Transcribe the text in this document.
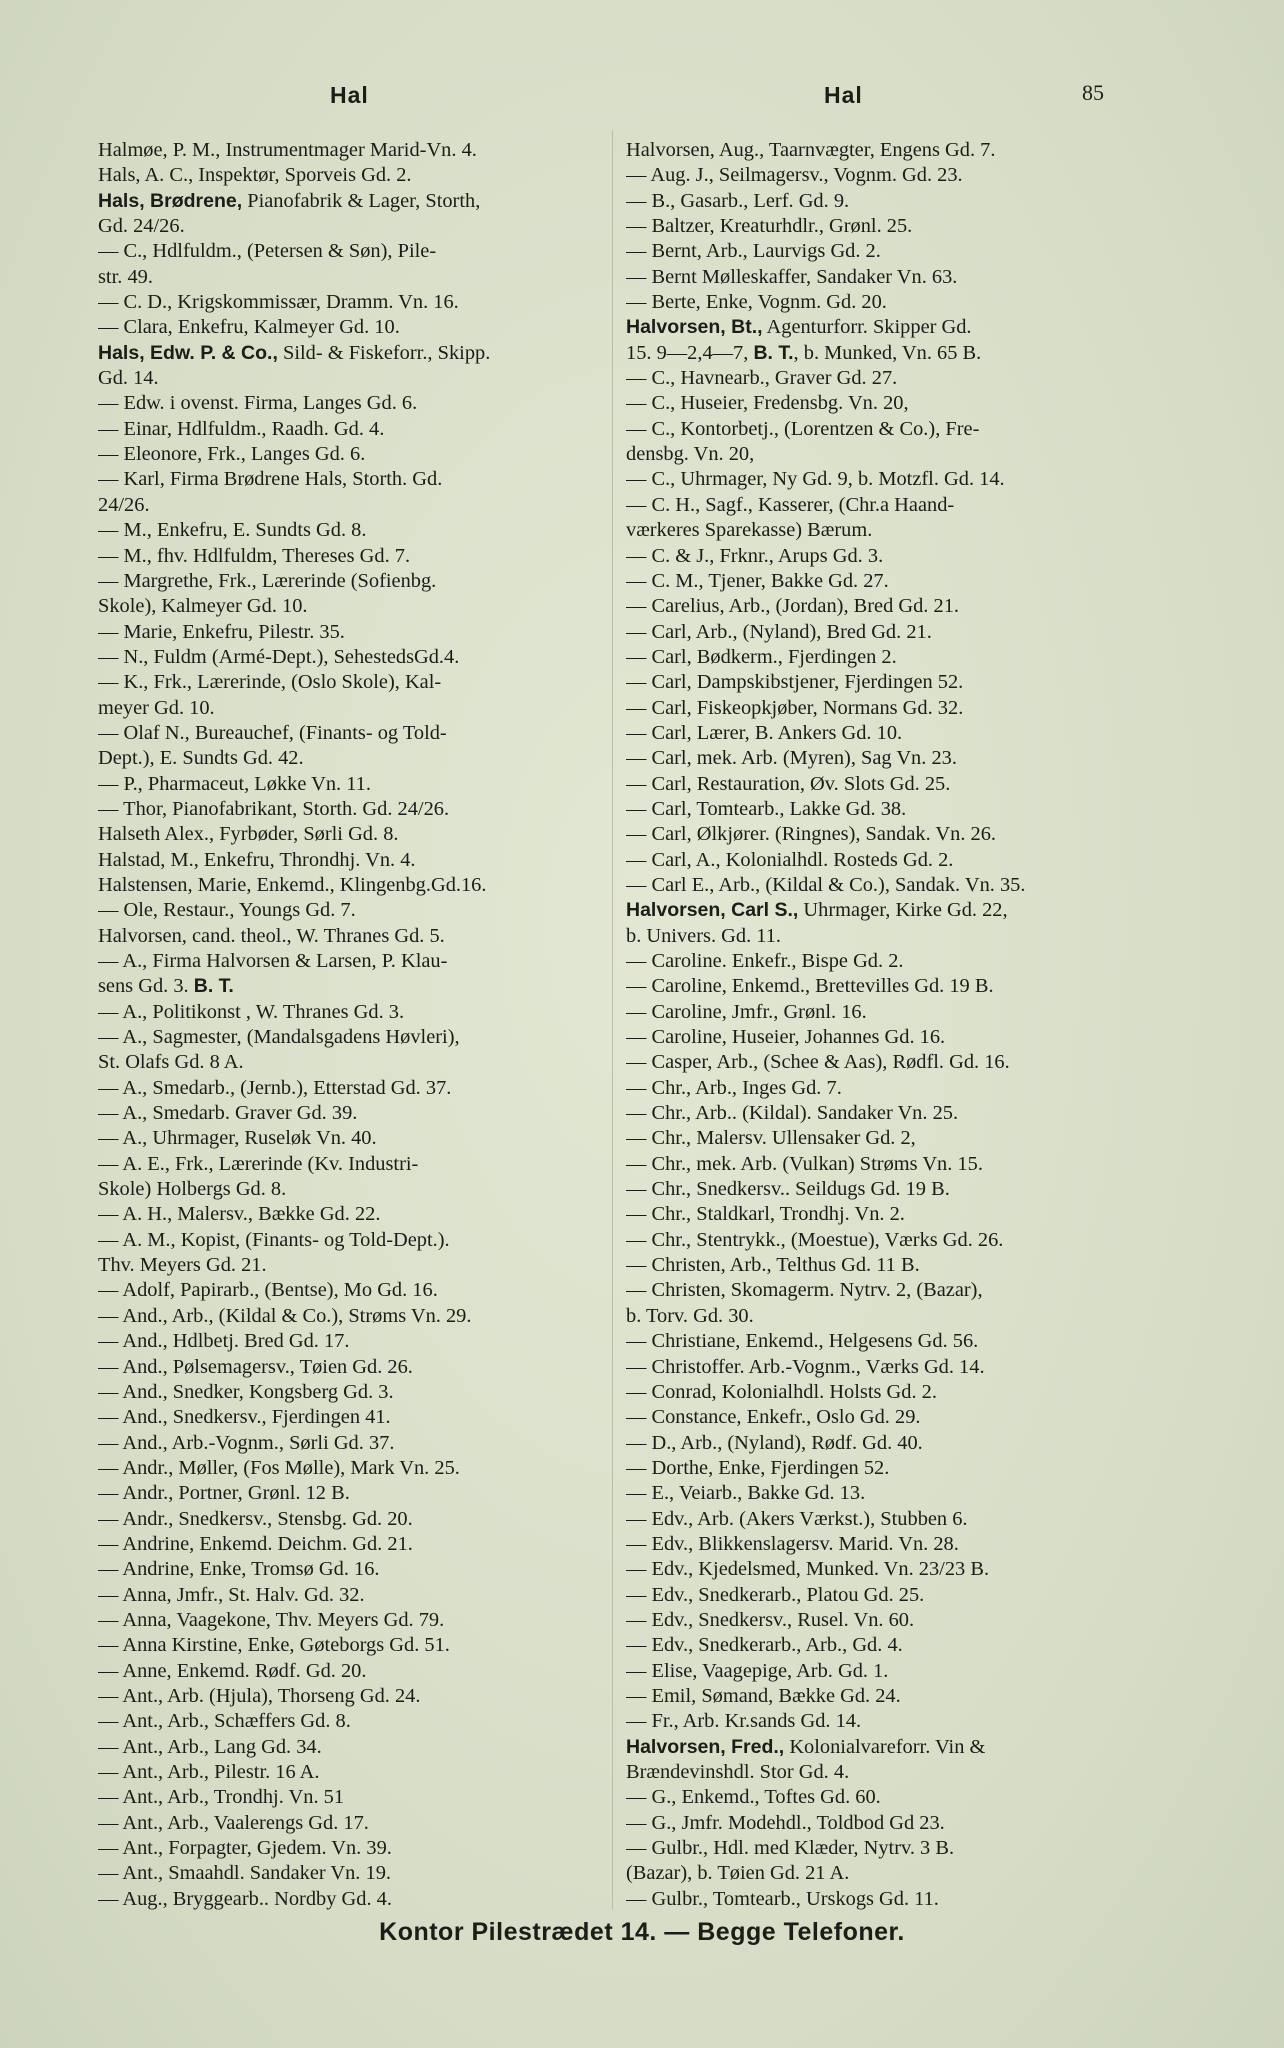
Hal	Hal	85
Halmøe, P. M., Instrumentmager Marid-Vn. 4.
Hals, A. C., Inspektør, Sporveis Gd. 2.
Hals, Brødrene, Pianofabrik & Lager, Storth,
Gd. 24/26.
— C., Hdlfuldm., (Petersen & Søn), Pile-
str. 49.
— C. D., Krigskommissær, Dramm. Vn. 16.
— Clara, Enkefru, Kalmeyer Gd. 10.
Hals, Edw. P. & Co., Sild- & Fiskeforr., Skipp.
Gd. 14.
— Edw. i ovenst. Firma, Langes Gd. 6.
— Einar, Hdlfuldm., Raadh. Gd. 4.
— Eleonore, Frk., Langes Gd. 6.
— Karl, Firma Brødrene Hals, Storth. Gd.
24/26.
— M., Enkefru, E. Sundts Gd. 8.
— M., fhv. Hdlfuldm, Thereses Gd. 7.
— Margrethe, Frk., Lærerinde (Sofienbg.
Skole), Kalmeyer Gd. 10.
— Marie, Enkefru, Pilestr. 35.
— N., Fuldm (Armé-Dept.), SehestedsGd.4.
— K., Frk., Lærerinde, (Oslo Skole), Kal-
meyer Gd. 10.
— Olaf N., Bureauchef, (Finants- og Told-
Dept.), E. Sundts Gd. 42.
— P., Pharmaceut, Løkke Vn. 11.
— Thor, Pianofabrikant, Storth. Gd. 24/26.
Halseth Alex., Fyrbøder, Sørli Gd. 8.
Halstad, M., Enkefru, Throndhj. Vn. 4.
Halstensen, Marie, Enkemd., Klingenbg.Gd.16.
— Ole, Restaur., Youngs Gd. 7.
Halvorsen, cand. theol., W. Thranes Gd. 5.
— A., Firma Halvorsen & Larsen, P. Klau-
sens Gd. 3. B. T.
— A., Politikonst , W. Thranes Gd. 3.
— A., Sagmester, (Mandalsgadens Høvleri),
St. Olafs Gd. 8 A.
— A., Smedarb., (Jernb.), Etterstad Gd. 37.
— A., Smedarb. Graver Gd. 39.
— A., Uhrmager, Ruseløk Vn. 40.
— A. E., Frk., Lærerinde (Kv. Industri-
Skole) Holbergs Gd. 8.
— A. H., Malersv., Bække Gd. 22.
— A. M., Kopist, (Finants- og Told-Dept.).
Thv. Meyers Gd. 21.
— Adolf, Papirarb., (Bentse), Mo Gd. 16.
— And., Arb., (Kildal & Co.), Strøms Vn. 29.
— And., Hdlbetj. Bred Gd. 17.
— And., Pølsemagersv., Tøien Gd. 26.
— And., Snedker, Kongsberg Gd. 3.
— And., Snedkersv., Fjerdingen 41.
— And., Arb.-Vognm., Sørli Gd. 37.
— Andr., Møller, (Fos Mølle), Mark Vn. 25.
— Andr., Portner, Grønl. 12 B.
— Andr., Snedkersv., Stensbg. Gd. 20.
— Andrine, Enkemd. Deichm. Gd. 21.
— Andrine, Enke, Tromsø Gd. 16.
— Anna, Jmfr., St. Halv. Gd. 32.
— Anna, Vaagekone, Thv. Meyers Gd. 79.
— Anna Kirstine, Enke, Gøteborgs Gd. 51.
— Anne, Enkemd. Rødf. Gd. 20.
— Ant., Arb. (Hjula), Thorseng Gd. 24.
— Ant., Arb., Schæffers Gd. 8.
— Ant., Arb., Lang Gd. 34.
— Ant., Arb., Pilestr. 16 A.
— Ant., Arb., Trondhj. Vn. 51
— Ant., Arb., Vaalerengs Gd. 17.
— Ant., Forpagter, Gjedem. Vn. 39.
— Ant., Smaahdl. Sandaker Vn. 19.
— Aug., Bryggearb.. Nordby Gd. 4.
Halvorsen, Aug., Taarnvægter, Engens Gd. 7.
— Aug. J., Seilmagersv., Vognm. Gd. 23.
— B., Gasarb., Lerf. Gd. 9.
— Baltzer, Kreaturhdlr., Grønl. 25.
— Bernt, Arb., Laurvigs Gd. 2.
— Bernt Mølleskaffer, Sandaker Vn. 63.
— Berte, Enke, Vognm. Gd. 20.
Halvorsen, Bt., Agenturforr. Skipper Gd.
15. 9—2,4—7, B. T., b. Munked, Vn. 65 B.
— C., Havnearb., Graver Gd. 27.
— C., Huseier, Fredensbg. Vn. 20,
— C., Kontorbetj., (Lorentzen & Co.), Fre-
densbg. Vn. 20,
— C., Uhrmager, Ny Gd. 9, b. Motzfl. Gd. 14.
— C. H., Sagf., Kasserer, (Chr.a Haand-
værkeres Sparekasse) Bærum.
— C. & J., Frknr., Arups Gd. 3.
— C. M., Tjener, Bakke Gd. 27.
— Carelius, Arb., (Jordan), Bred Gd. 21.
— Carl, Arb., (Nyland), Bred Gd. 21.
— Carl, Bødkerm., Fjerdingen 2.
— Carl, Dampskibstjener, Fjerdingen 52.
— Carl, Fiskeopkjøber, Normans Gd. 32.
— Carl, Lærer, B. Ankers Gd. 10.
— Carl, mek. Arb. (Myren), Sag Vn. 23.
— Carl, Restauration, Øv. Slots Gd. 25.
— Carl, Tomtearb., Lakke Gd. 38.
— Carl, Ølkjører. (Ringnes), Sandak. Vn. 26.
— Carl, A., Kolonialhdl. Rosteds Gd. 2.
— Carl E., Arb., (Kildal & Co.), Sandak. Vn. 35.
Halvorsen, Carl S., Uhrmager, Kirke Gd. 22,
b. Univers. Gd. 11.
— Caroline. Enkefr., Bispe Gd. 2.
— Caroline, Enkemd., Brettevilles Gd. 19 B.
— Caroline, Jmfr., Grønl. 16.
— Caroline, Huseier, Johannes Gd. 16.
— Casper, Arb., (Schee & Aas), Rødfl. Gd. 16.
— Chr., Arb., Inges Gd. 7.
— Chr., Arb.. (Kildal). Sandaker Vn. 25.
— Chr., Malersv. Ullensaker Gd. 2,
— Chr., mek. Arb. (Vulkan) Strøms Vn. 15.
— Chr., Snedkersv.. Seildugs Gd. 19 B.
— Chr., Staldkarl, Trondhj. Vn. 2.
— Chr., Stentrykk., (Moestue), Værks Gd. 26.
— Christen, Arb., Telthus Gd. 11 B.
— Christen, Skomagerm. Nytrv. 2, (Bazar),
b. Torv. Gd. 30.
— Christiane, Enkemd., Helgesens Gd. 56.
— Christoffer. Arb.-Vognm., Værks Gd. 14.
— Conrad, Kolonialhdl. Holsts Gd. 2.
— Constance, Enkefr., Oslo Gd. 29.
— D., Arb., (Nyland), Rødf. Gd. 40.
— Dorthe, Enke, Fjerdingen 52.
— E., Veiarb., Bakke Gd. 13.
— Edv., Arb. (Akers Værkst.), Stubben 6.
— Edv., Blikkenslagersv. Marid. Vn. 28.
— Edv., Kjedelsmed, Munked. Vn. 23/23 B.
— Edv., Snedkerarb., Platou Gd. 25.
— Edv., Snedkersv., Rusel. Vn. 60.
— Edv., Snedkerarb., Arb., Gd. 4.
— Elise, Vaagepige, Arb. Gd. 1.
— Emil, Sømand, Bække Gd. 24.
— Fr., Arb. Kr.sands Gd. 14.
Halvorsen, Fred., Kolonialvareforr. Vin &
Brændevinshdl. Stor Gd. 4.
— G., Enkemd., Toftes Gd. 60.
— G., Jmfr. Modehdl., Toldbod Gd 23.
— Gulbr., Hdl. med Klæder, Nytrv. 3 B.
(Bazar), b. Tøien Gd. 21 A.
— Gulbr., Tomtearb., Urskogs Gd. 11.
Kontor Pilestrædet 14. — Begge Telefoner.
